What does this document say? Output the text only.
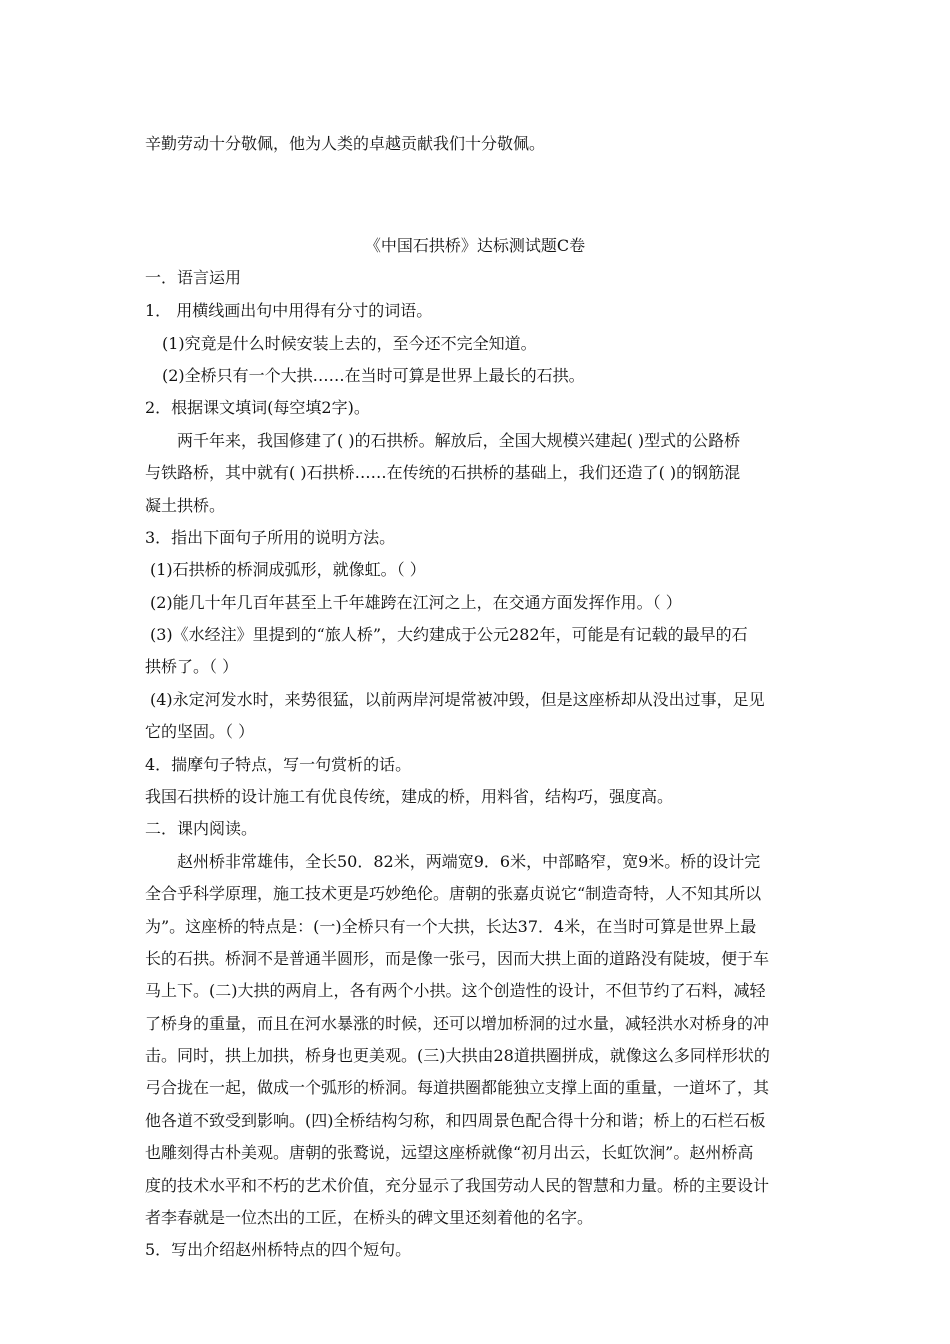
辛勤劳动十分敬佩，他为人类的卓越贡献我们十分敬佩。
《中国石拱桥》达标测试题C卷
一．语言运用
1． 用横线画出句中用得有分寸的词语。
(1)究竟是什么时候安装上去的，至今还不完全知道。
(2)全桥只有一个大拱……在当时可算是世界上最长的石拱。
2．根据课文填词(每空填2字)。
两千年来，我国修建了( )的石拱桥。解放后，全国大规模兴建起( )型式的公路桥
与铁路桥，其中就有( )石拱桥……在传统的石拱桥的基础上，我们还造了( )的钢筋混
凝土拱桥。
3．指出下面句子所用的说明方法。
(1)石拱桥的桥洞成弧形，就像虹。（ ）
(2)能几十年几百年甚至上千年雄跨在江河之上，在交通方面发挥作用。（ ）
(3)《水经注》里提到的“旅人桥”，大约建成于公元282年，可能是有记载的最早的石
拱桥了。（ ）
(4)永定河发水时，来势很猛，以前两岸河堤常被冲毁，但是这座桥却从没出过事，足见
它的坚固。（ ）
4．揣摩句子特点，写一句赏析的话。
我国石拱桥的设计施工有优良传统，建成的桥，用料省，结构巧，强度高。
二．课内阅读。
赵州桥非常雄伟，全长50．82米，两端宽9．6米，中部略窄，宽9米。桥的设计完
全合乎科学原理，施工技术更是巧妙绝伦。唐朝的张嘉贞说它“制造奇特，人不知其所以
为”。这座桥的特点是：(一)全桥只有一个大拱，长达37．4米，在当时可算是世界上最
长的石拱。桥洞不是普通半圆形，而是像一张弓，因而大拱上面的道路没有陡坡，便于车
马上下。(二)大拱的两肩上，各有两个小拱。这个创造性的设计，不但节约了石料，减轻
了桥身的重量，而且在河水暴涨的时候，还可以增加桥洞的过水量，减轻洪水对桥身的冲
击。同时，拱上加拱，桥身也更美观。(三)大拱由28道拱圈拼成，就像这么多同样形状的
弓合拢在一起，做成一个弧形的桥洞。每道拱圈都能独立支撑上面的重量，一道坏了，其
他各道不致受到影响。(四)全桥结构匀称，和四周景色配合得十分和谐；桥上的石栏石板
也雕刻得古朴美观。唐朝的张鹜说，远望这座桥就像“初月出云，长虹饮涧”。赵州桥高
度的技术水平和不朽的艺术价值，充分显示了我国劳动人民的智慧和力量。桥的主要设计
者李春就是一位杰出的工匠，在桥头的碑文里还刻着他的名字。
5．写出介绍赵州桥特点的四个短句。
